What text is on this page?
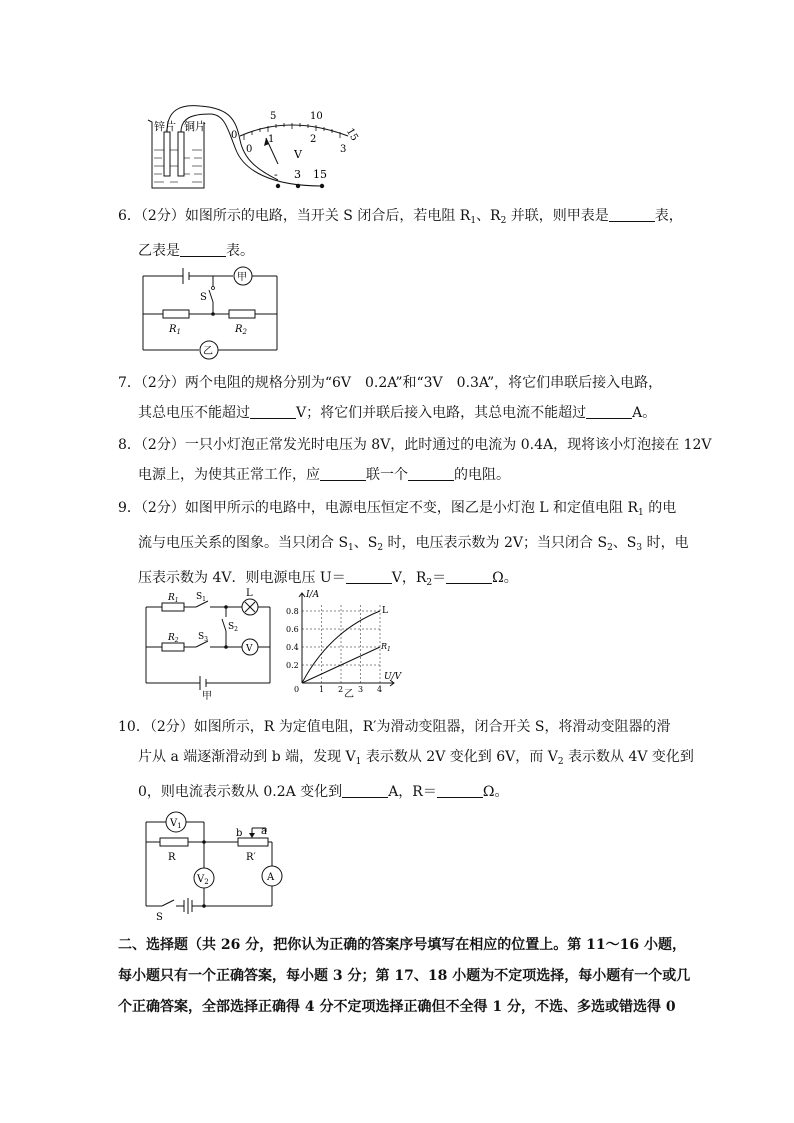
锌片 铜片
0
5	10
15
0
1	2
3
V
- 3 15
6．（2分）如图所示的电路，当开关 S 闭合后，若电阻 $R_1$、$R_2$ 并联，则甲表是	表，
乙表是	表。
甲
乙
S
$R_1$	$R_2$
7．（2分）两个电阻的规格分别为“6V　0.2A”和“3V　0.3A”，将它们串联后接入电路，
其总电压不能超过	V；将它们并联后接入电路，其总电流不能超过	A。
8．（2分）一只小灯泡正常发光时电压为 8V，此时通过的电流为 0.4A，现将该小灯泡接在 12V
电源上，为使其正常工作，应	联一个	的电阻。
9．（2分）如图甲所示的电路中，电源电压恒定不变，图乙是小灯泡 L 和定值电阻 $R_1$ 的电
流与电压关系的图象。当只闭合 $S_1$、$S_2$ 时，电压表示数为 2V；当只闭合 $S_2$、$S_3$ 时，电
压表示数为 4V．则电源电压 U＝	V，$R_2=$	Ω。
$R_1$
$R_2$
$S_1$
$S_2$
$S_3$
L
V
甲
I/A
U/V
L
$R_1$
0 1 2 3 4
0.2
0.4
0.6
0.8
乙
10．（2分）如图所示，R 为定值电阻，R′为滑动变阻器，闭合开关 S，将滑动变阻器的滑
片从 a 端逐渐滑动到 b 端，发现 $V_1$ 表示数从 2V 变化到 6V，而 $V_2$ 表示数从 4V 变化到
0，则电流表示数从 0.2A 变化到	A，R＝	Ω。
$V_1$
$V_2$
R	R′
b a
A
S
二、选择题（共 26 分，把你认为正确的答案序号填写在相应的位置上。第 11～16 小题，
每小题只有一个正确答案，每小题 3 分；第 17、18 小题为不定项选择，每小题有一个或几
个正确答案，全部选择正确得 4 分不定项选择正确但不全得 1 分，不选、多选或错选得 0
